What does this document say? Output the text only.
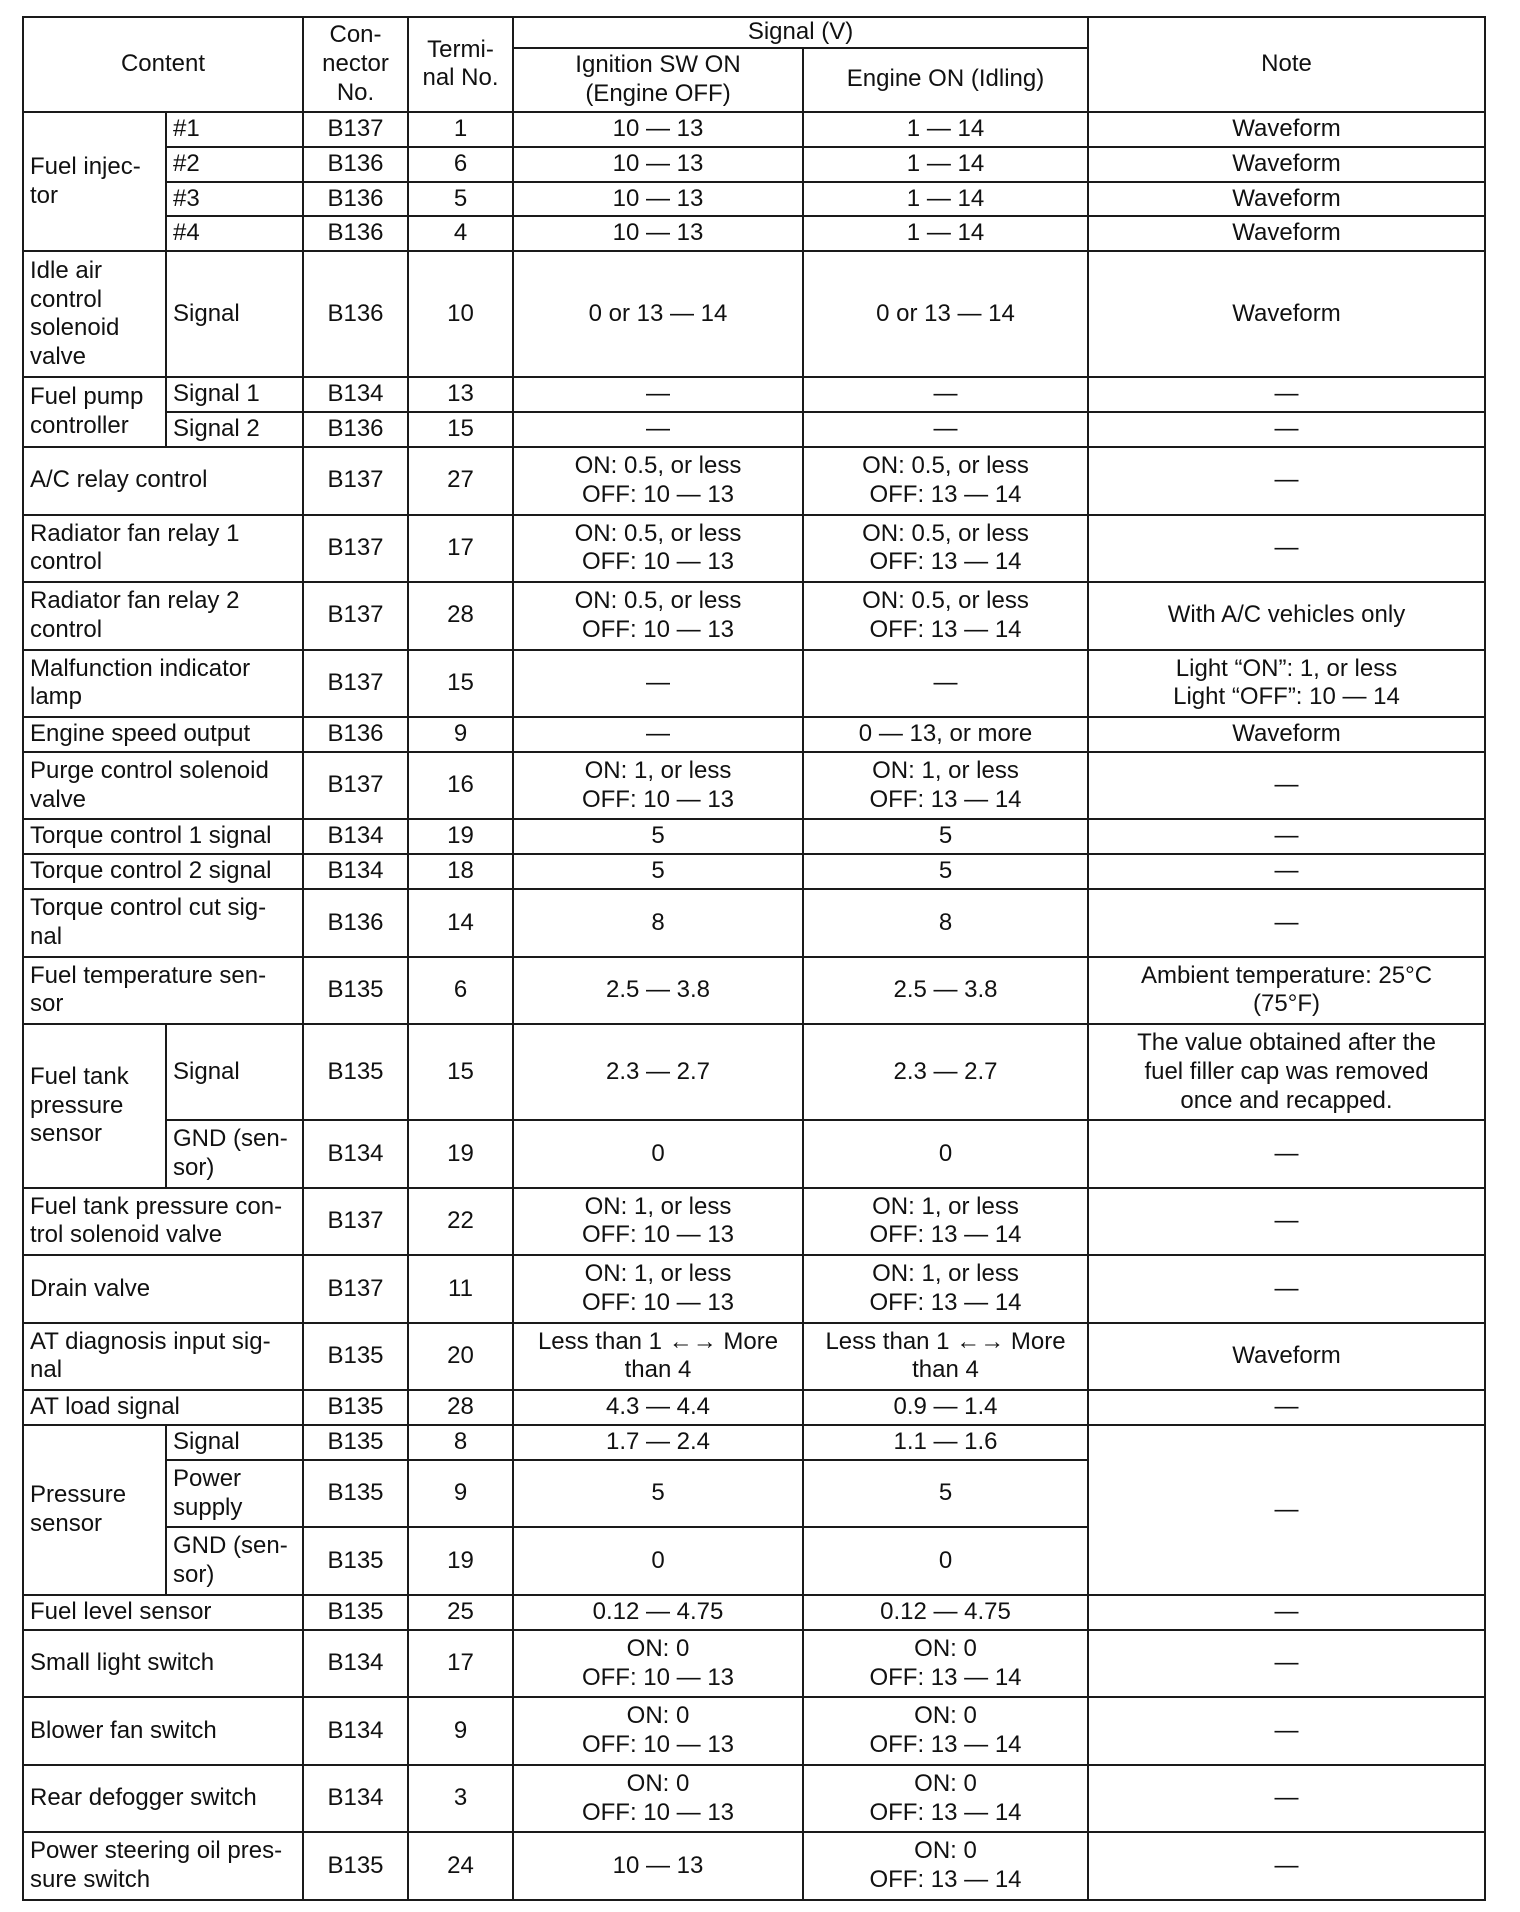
Content		Con-
nector
No.	Termi-
nal No.	Signal (V)		Note
				Ignition SW ON
(Engine OFF)	Engine ON (Idling)	
Fuel injec-
tor	#1	B137	1	10 — 13	1 — 14	Waveform
	#2	B136	6	10 — 13	1 — 14	Waveform
	#3	B136	5	10 — 13	1 — 14	Waveform
	#4	B136	4	10 — 13	1 — 14	Waveform
Idle air
control
solenoid
valve	Signal	B136	10	0 or 13 — 14	0 or 13 — 14	Waveform
Fuel pump
controller	Signal 1	B134	13	—	—	—
	Signal 2	B136	15	—	—	—
A/C relay control		B137	27	ON: 0.5, or less
OFF: 10 — 13	ON: 0.5, or less
OFF: 13 — 14	—
Radiator fan relay 1
control		B137	17	ON: 0.5, or less
OFF: 10 — 13	ON: 0.5, or less
OFF: 13 — 14	—
Radiator fan relay 2
control		B137	28	ON: 0.5, or less
OFF: 10 — 13	ON: 0.5, or less
OFF: 13 — 14	With A/C vehicles only
Malfunction indicator
lamp		B137	15	—	—	Light “ON”: 1, or less
Light “OFF”: 10 — 14
Engine speed output		B136	9	—	0 — 13, or more	Waveform
Purge control solenoid
valve		B137	16	ON: 1, or less
OFF: 10 — 13	ON: 1, or less
OFF: 13 — 14	—
Torque control 1 signal		B134	19	5	5	—
Torque control 2 signal		B134	18	5	5	—
Torque control cut sig-
nal		B136	14	8	8	—
Fuel temperature sen-
sor		B135	6	2.5 — 3.8	2.5 — 3.8	Ambient temperature: 25°C
(75°F)
Fuel tank
pressure
sensor	Signal	B135	15	2.3 — 2.7	2.3 — 2.7	The value obtained after the
fuel filler cap was removed
once and recapped.
	GND (sen-
sor)	B134	19	0	0	—
Fuel tank pressure con-
trol solenoid valve		B137	22	ON: 1, or less
OFF: 10 — 13	ON: 1, or less
OFF: 13 — 14	—
Drain valve		B137	11	ON: 1, or less
OFF: 10 — 13	ON: 1, or less
OFF: 13 — 14	—
AT diagnosis input sig-
nal		B135	20	Less than 1 ←→ More
than 4	Less than 1 ←→ More
than 4	Waveform
AT load signal		B135	28	4.3 — 4.4	0.9 — 1.4	—
Pressure
sensor	Signal	B135	8	1.7 — 2.4	1.1 — 1.6	—
	Power
supply	B135	9	5	5	
	GND (sen-
sor)	B135	19	0	0	
Fuel level sensor		B135	25	0.12 — 4.75	0.12 — 4.75	—
Small light switch		B134	17	ON: 0
OFF: 10 — 13	ON: 0
OFF: 13 — 14	—
Blower fan switch		B134	9	ON: 0
OFF: 10 — 13	ON: 0
OFF: 13 — 14	—
Rear defogger switch		B134	3	ON: 0
OFF: 10 — 13	ON: 0
OFF: 13 — 14	—
Power steering oil pres-
sure switch		B135	24	10 — 13	ON: 0
OFF: 13 — 14	—
